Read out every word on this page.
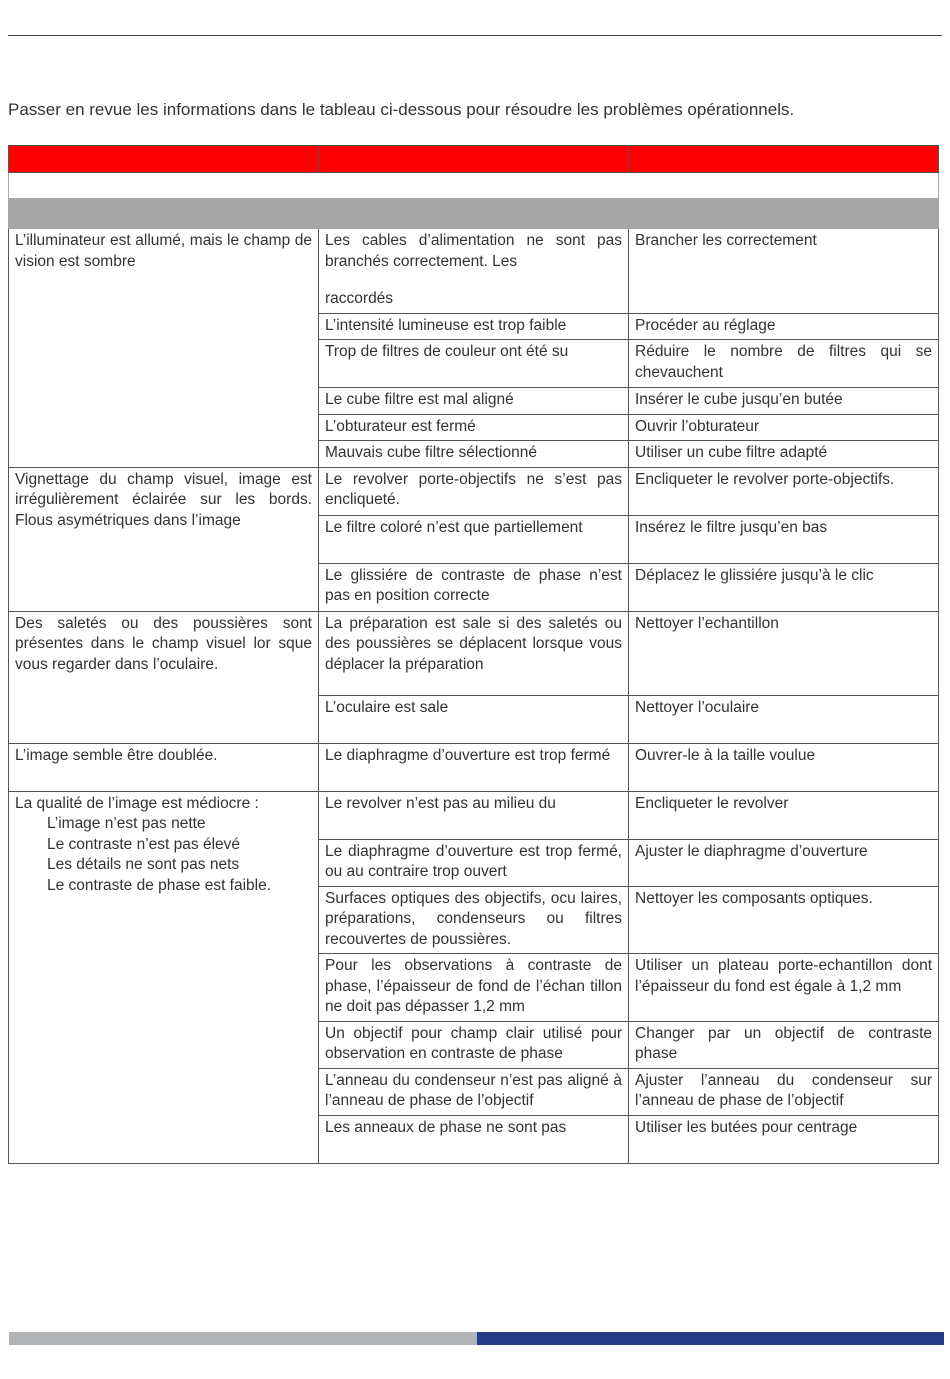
Passer en revue les informations dans le tableau ci-dessous pour résoudre les problèmes opérationnels.

L’illuminateur est allumé, mais le champ de vision est sombre	Les cables d’alimentation ne sont pas branchés correctement. Les
raccordés	Brancher les correctement
	L’intensité lumineuse est trop faible	Procéder au réglage
	Trop de filtres de couleur ont été su	Réduire le nombre de filtres qui se chevauchent
	Le cube filtre est mal aligné	Insérer le cube jusqu’en butée
	L’obturateur est fermé	Ouvrir l’obturateur
	Mauvais cube filtre sélectionné	Utiliser un cube filtre adapté
Vignettage du champ visuel, image est irrégulièrement éclairée sur les bords. Flous asymétriques dans l’image	Le revolver porte-objectifs ne s’est pas encliqueté.	Encliqueter le revolver porte-objectifs.
	Le filtre coloré n’est que partiellement	Insérez le filtre jusqu’en bas
	Le glissiére de contraste de phase n’est pas en position correcte	Déplacez le glissiére jusqu’à le clic
Des saletés ou des poussières sont présentes dans le champ visuel lor sque vous regarder dans l’oculaire.	La préparation est sale si des saletés ou des poussières se déplacent lorsque vous déplacer la préparation	Nettoyer l’echantillon
	L’oculaire est sale	Nettoyer l’oculaire
L’image semble être doublée.	Le diaphragme d’ouverture est trop fermé	Ouvrer-le à la taille voulue
La qualité de l’image est médiocre :
L’image n’est pas nette
Le contraste n’est pas élevé
Les détails ne sont pas nets
Le contraste de phase est faible.	Le revolver n’est pas au milieu du	Encliqueter le revolver
	Le diaphragme d’ouverture est trop fermé, ou au contraire trop ouvert	Ajuster le diaphragme d’ouverture
	Surfaces optiques des objectifs, ocu laires, préparations, condenseurs ou filtres recouvertes de poussières.	Nettoyer les composants optiques.
	Pour les observations à contraste de phase, l’épaisseur de fond de l’échan tillon ne doit pas dépasser 1,2 mm	Utiliser un plateau porte-echantillon dont l’épaisseur du fond est égale à 1,2 mm
	Un objectif pour champ clair utilisé pour observation en contraste de phase	Changer par un objectif de contraste phase
	L’anneau du condenseur n’est pas aligné à l’anneau de phase de l’objectif	Ajuster l’anneau du condenseur sur l’anneau de phase de l’objectif
	Les anneaux de phase ne sont pas	Utiliser les butées pour centrage
